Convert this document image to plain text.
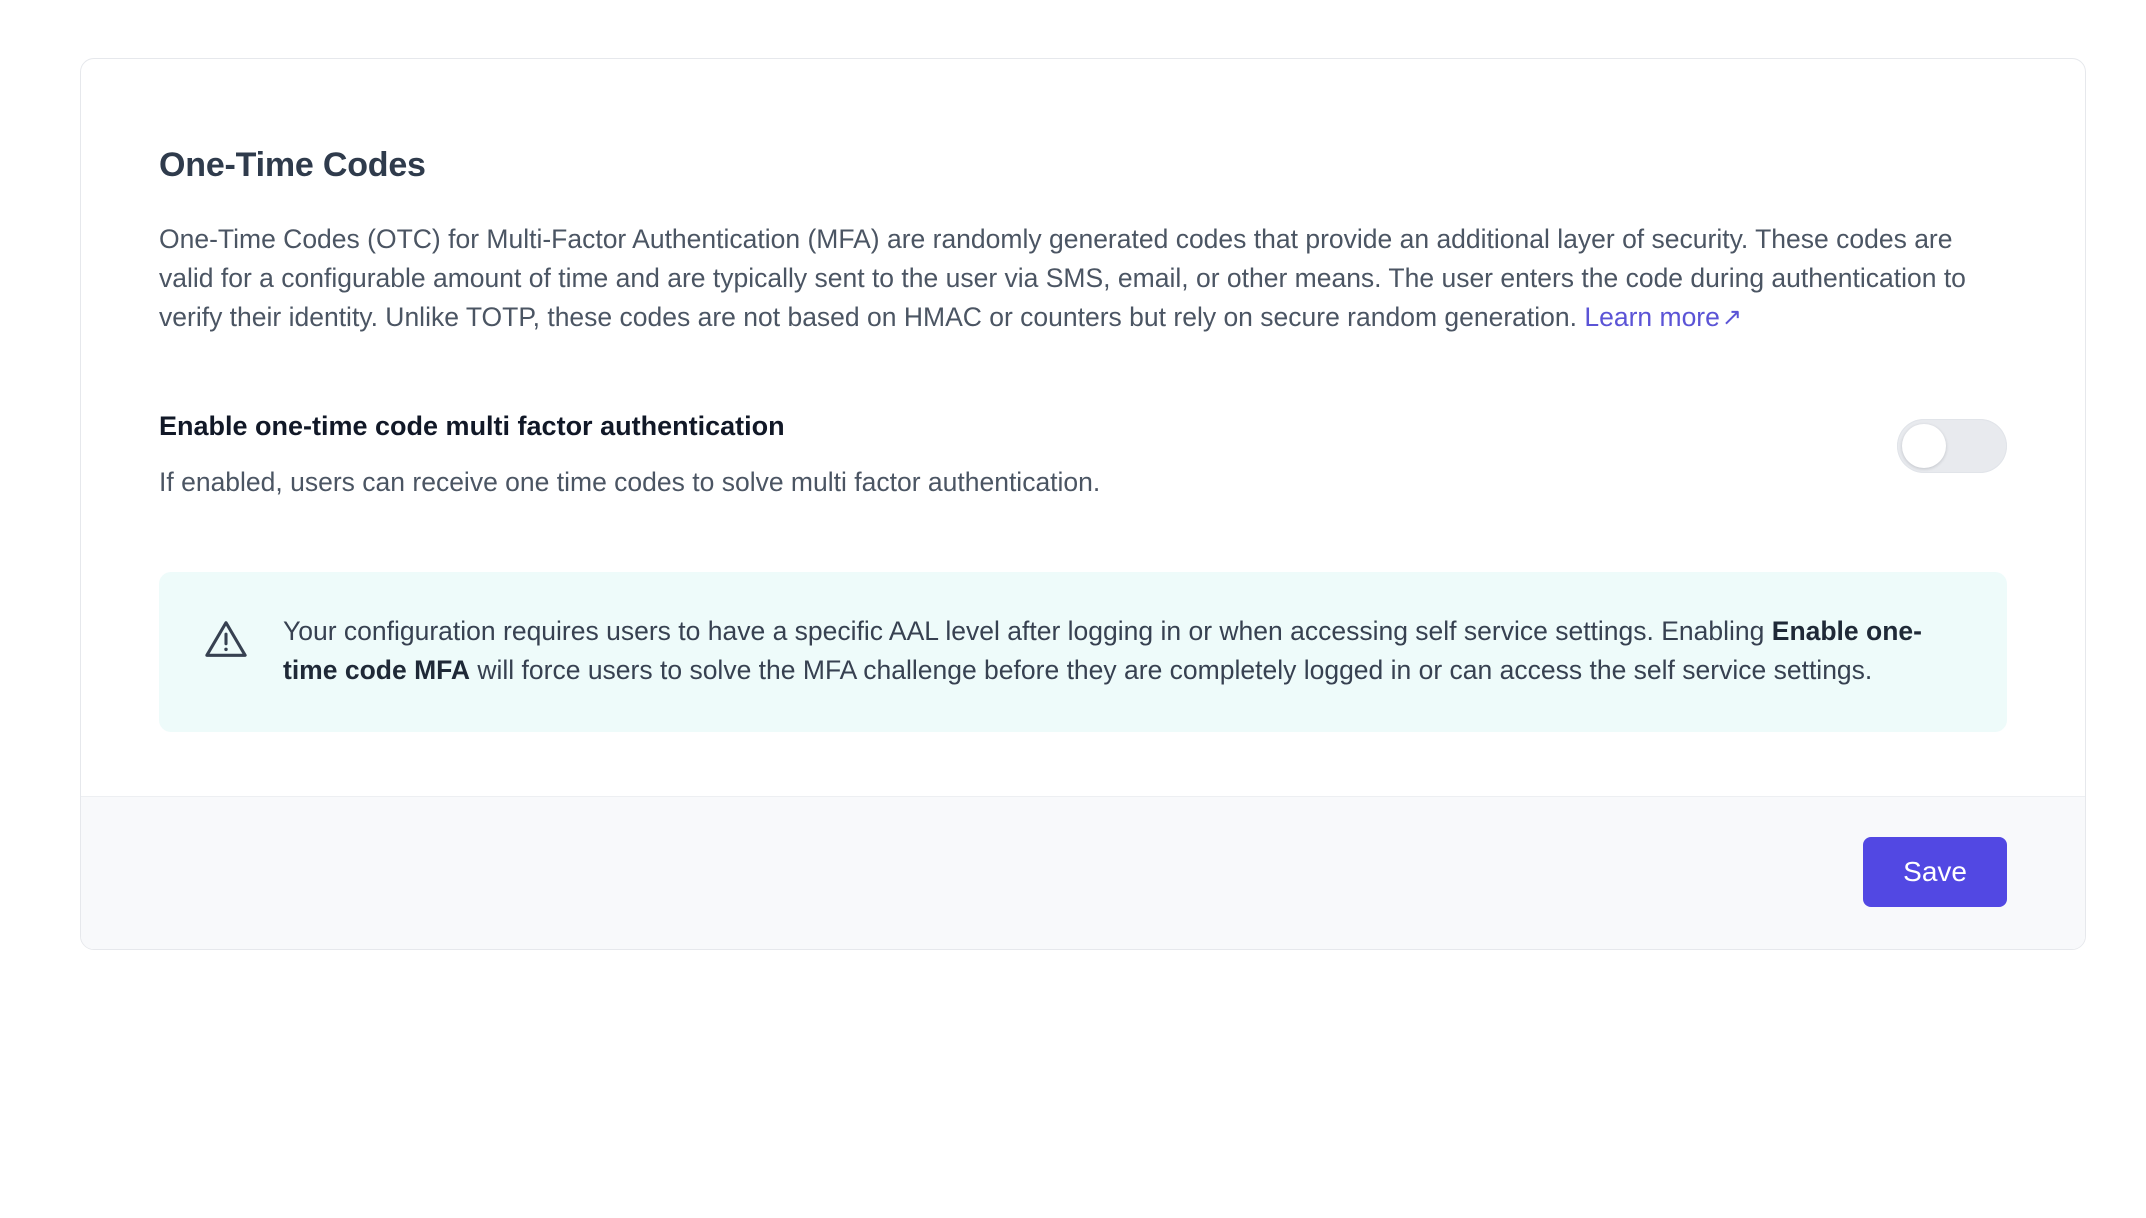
One-Time Codes

One-Time Codes (OTC) for Multi-Factor Authentication (MFA) are randomly generated codes that provide an additional layer of security. These codes are valid for a configurable amount of time and are typically sent to the user via SMS, email, or other means. The user enters the code during authentication to verify their identity. Unlike TOTP, these codes are not based on HMAC or counters but rely on secure random generation. Learn more↗

Enable one-time code multi factor authentication
If enabled, users can receive one time codes to solve multi factor authentication.
Your configuration requires users to have a specific AAL level after logging in or when accessing self service settings. Enabling Enable one-time code MFA will force users to solve the MFA challenge before they are completely logged in or can access the self service settings.
Save
